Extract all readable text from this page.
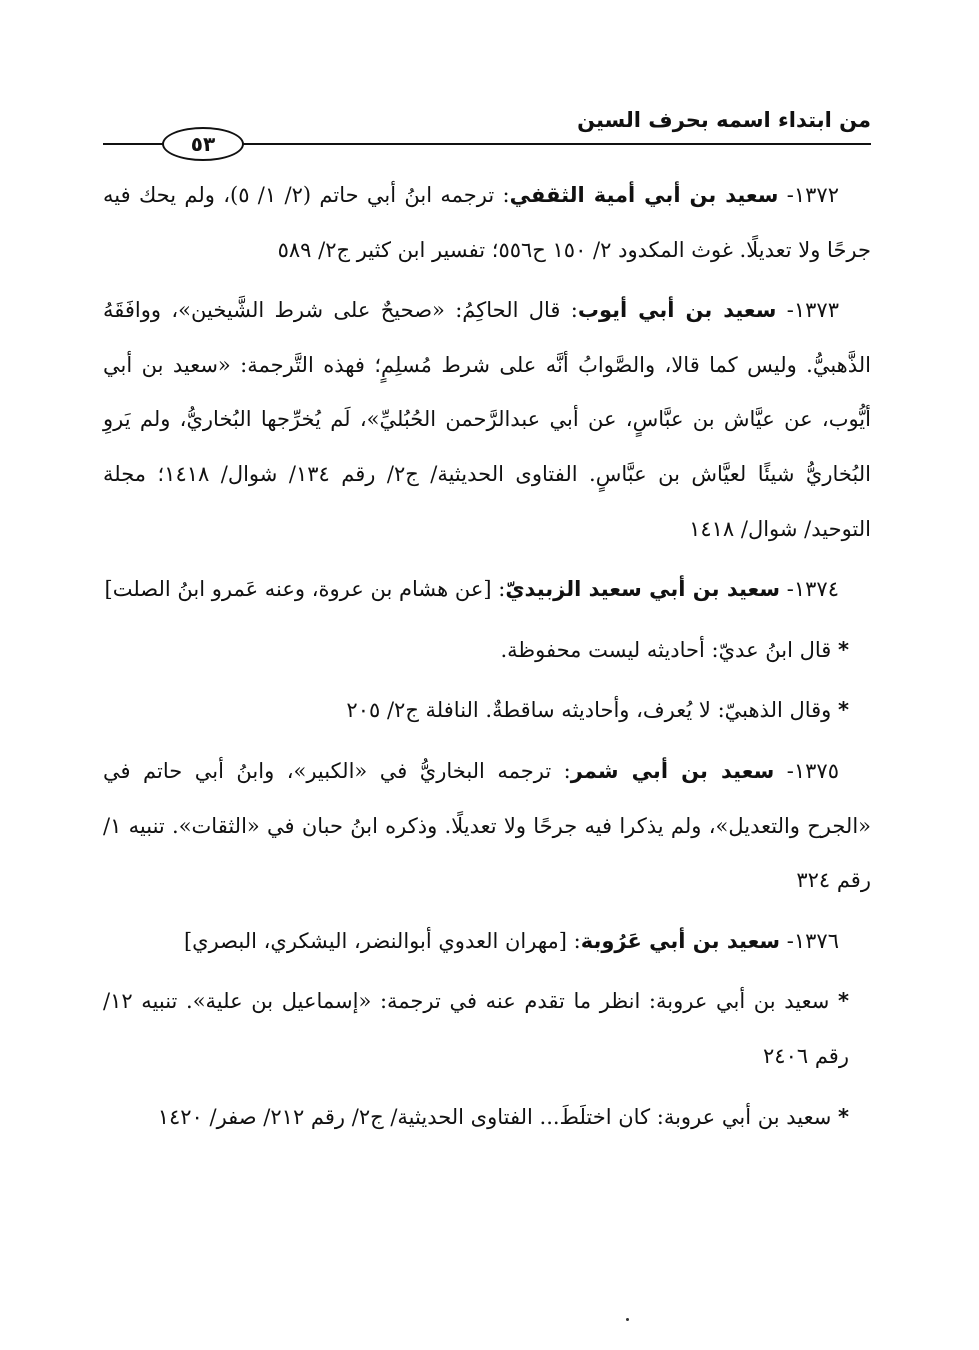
من ابتداء اسمه بحرف السين
٥٣

١٣٧٢- سعيد بن أبي أمية الثقفي: ترجمه ابنُ أبي حاتم (٢/ ١/ ٥)، ولم يحك فيه جرحًا ولا تعديلًا. غوث المكدود ٢/ ١٥٠ ح٥٥٦؛ تفسير ابن كثير ج٢/ ٥٨٩

١٣٧٣- سعيد بن أبي أيوب: قال الحاكِمُ: «صحيحٌ على شرط الشَّيخين»، ووافَقَهُ الذَّهبيُّ. وليس كما قالا، والصَّوابُ أنَّه على شرط مُسلِمٍ؛ فهذه التَّرجمة: «سعيد بن أبي أيُّوب، عن عيَّاش بن عبَّاسٍ، عن أبي عبدالرَّحمن الحُبُليِّ»، لَم يُخرِّجها البُخاريُّ، ولم يَروِ البُخاريُّ شيئًا لعيَّاش بن عبَّاسٍ. الفتاوى الحديثية/ ج٢/ رقم ١٣٤/ شوال/ ١٤١٨؛ مجلة التوحيد/ شوال/ ١٤١٨

١٣٧٤- سعيد بن أبي سعيد الزبيديّ: [عن هشام بن عروة، وعنه عَمرو ابنُ الصلت]

* قال ابنُ عديّ: أحاديثه ليست محفوظة.

* وقال الذهبيّ: لا يُعرف، وأحاديثه ساقطةٌ. النافلة ج٢/ ٢٠٥

١٣٧٥- سعيد بن أبي شمر: ترجمه البخاريُّ في «الكبير»، وابنُ أبي حاتم في «الجرح والتعديل»، ولم يذكرا فيه جرحًا ولا تعديلًا. وذكره ابنُ حبان في «الثقات». تنبيه ١/ رقم ٣٢٤

١٣٧٦- سعيد بن أبي عَرُوبة: [مهران العدوي أبوالنضر، اليشكري، البصري]

* سعيد بن أبي عروبة: انظر ما تقدم عنه في ترجمة: «إسماعيل بن علية». تنبيه ١٢/ رقم ٢٤٠٦

* سعيد بن أبي عروبة: كان اختلَطَ... الفتاوى الحديثية/ ج٢/ رقم ٢١٢/ صفر/ ١٤٢٠
